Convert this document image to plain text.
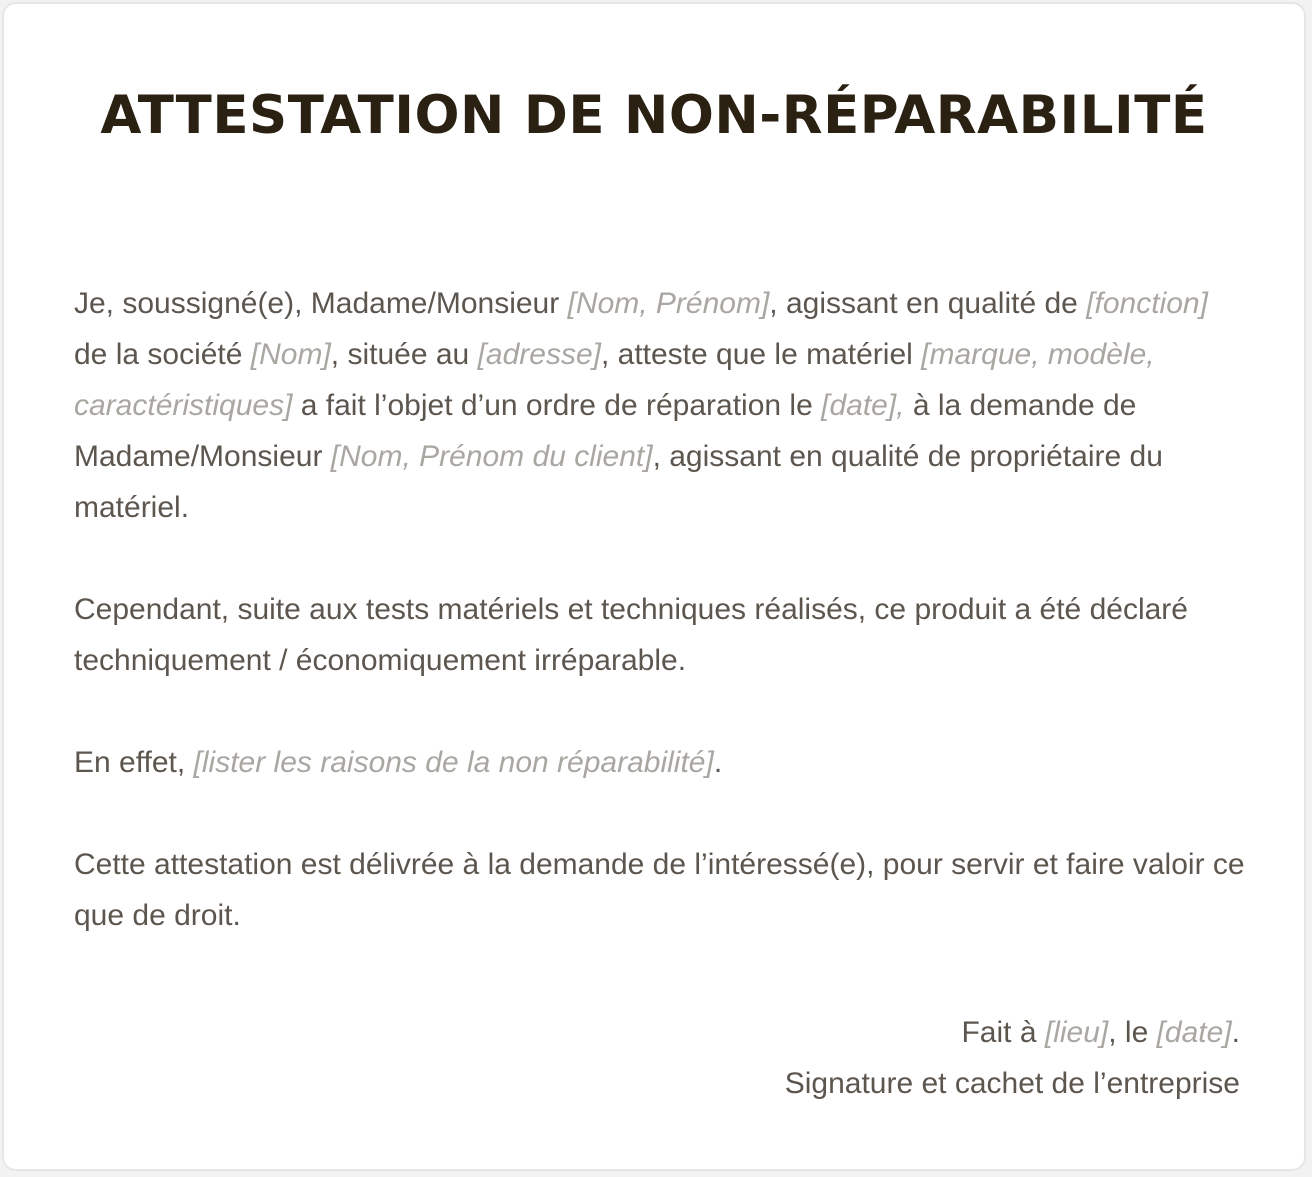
ATTESTATION DE NON-RÉPARABILITÉ

Je, soussigné(e), Madame/Monsieur [Nom, Prénom], agissant en qualité de [fonction] de la société [Nom], située au [adresse], atteste que le matériel [marque, modèle, caractéristiques] a fait l’objet d’un ordre de réparation le [date], à la demande de Madame/Monsieur [Nom, Prénom du client], agissant en qualité de propriétaire du matériel.

Cependant, suite aux tests matériels et techniques réalisés, ce produit a été déclaré techniquement / économiquement irréparable.

En effet, [lister les raisons de la non réparabilité].

Cette attestation est délivrée à la demande de l’intéressé(e), pour servir et faire valoir ce que de droit.

Fait à [lieu], le [date].
Signature et cachet de l’entreprise
